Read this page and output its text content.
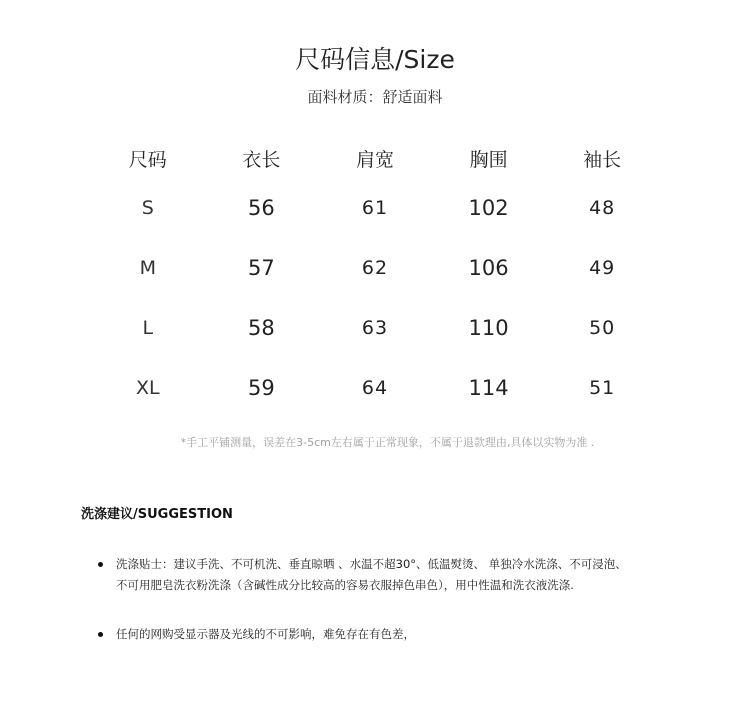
尺码信息/Size
面料材质：舒适面料
尺码	衣长	肩宽	胸围	袖长
S	56	61	102	48
M	57	62	106	49
L	58	63	110	50
XL	59	64	114	51
*手工平铺测量，误差在3-5cm左右属于正常现象，不属于退款理由,具体以实物为准 .
洗涤建议/SUGGESTION
洗涤贴士：建议手洗、不可机洗、垂直晾晒 、水温不超30°、低温熨烫、 单独冷水洗涤、不可浸泡、
不可用肥皂洗衣粉洗涤（含碱性成分比较高的容易衣服掉色串色），用中性温和洗衣液洗涤.
任何的网购受显示器及光线的不可影响，难免存在有色差，
